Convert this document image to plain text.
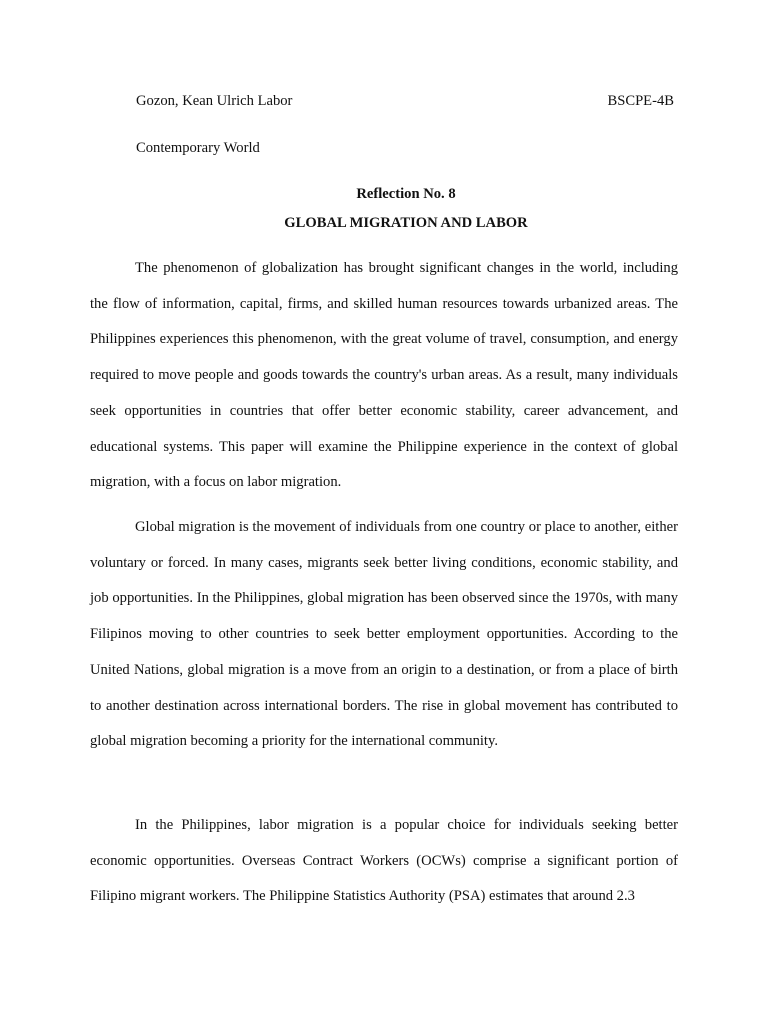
Gozon, Kean Ulrich Labor	BSCPE-4B
Contemporary World
Reflection No. 8
GLOBAL MIGRATION AND LABOR

The phenomenon of globalization has brought significant changes in the world, including the flow of information, capital, firms, and skilled human resources towards urbanized areas. The Philippines experiences this phenomenon, with the great volume of travel, consumption, and energy required to move people and goods towards the country's urban areas. As a result, many individuals seek opportunities in countries that offer better economic stability, career advancement, and educational systems. This paper will examine the Philippine experience in the context of global migration, with a focus on labor migration.

Global migration is the movement of individuals from one country or place to another, either voluntary or forced. In many cases, migrants seek better living conditions, economic stability, and job opportunities. In the Philippines, global migration has been observed since the 1970s, with many Filipinos moving to other countries to seek better employment opportunities. According to the United Nations, global migration is a move from an origin to a destination, or from a place of birth to another destination across international borders. The rise in global movement has contributed to global migration becoming a priority for the international community.

In the Philippines, labor migration is a popular choice for individuals seeking better economic opportunities. Overseas Contract Workers (OCWs) comprise a significant portion of Filipino migrant workers. The Philippine Statistics Authority (PSA) estimates that around 2.3
